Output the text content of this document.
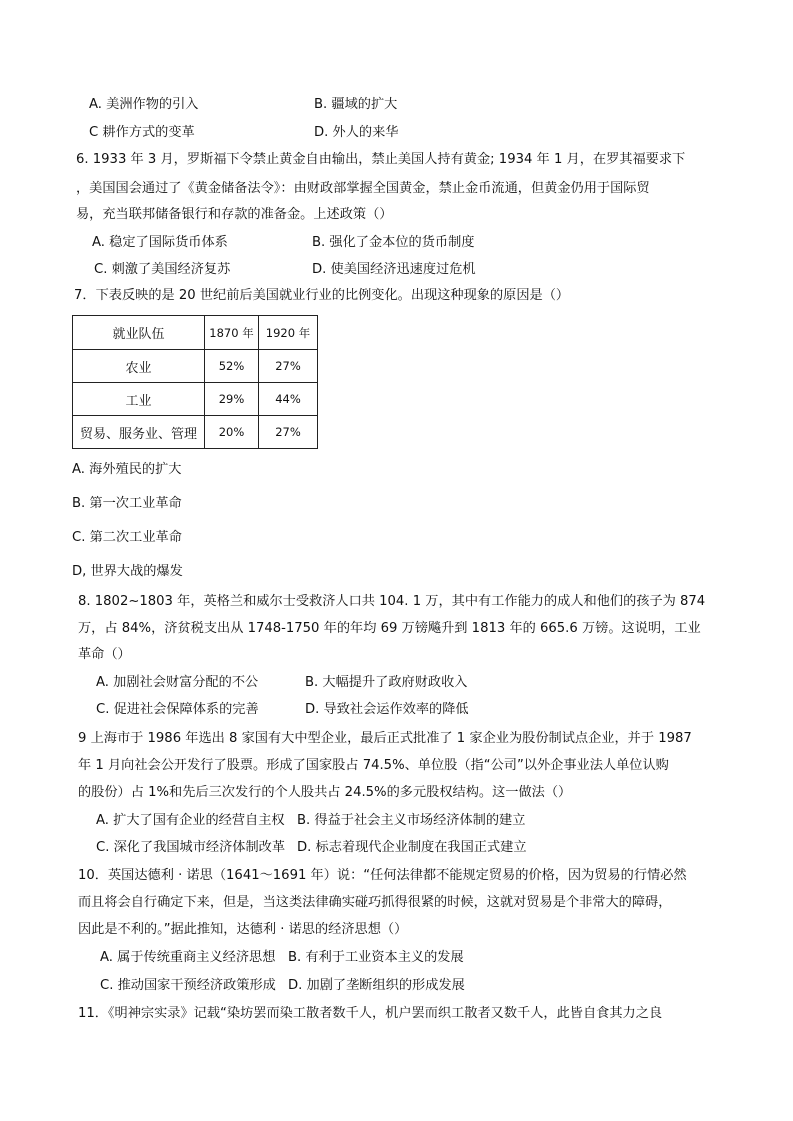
A. 美洲作物的引入	B. 疆域的扩大
C 耕作方式的变革	D. 外人的来华
6. 1933 年 3 月，罗斯福下令禁止黄金自由输出，禁止美国人持有黄金; 1934 年 1 月，在罗其福要求下
，美国国会通过了《黄金储备法令》：由财政部掌握全国黄金，禁止金币流通，但黄金仍用于国际贸
易，充当联邦储备银行和存款的准备金。上述政策（）
A. 稳定了国际货币体系	B. 强化了金本位的货币制度
C. 刺激了美国经济复苏	D. 使美国经济迅速度过危机
7．下表反映的是 20 世纪前后美国就业行业的比例变化。出现这种现象的原因是（）
就业队伍	1870 年	1920 年
农业	52%	27%
工业	29%	44%
贸易、服务业、管理	20%	27%
A. 海外殖民的扩大
B. 第一次工业革命
C. 第二次工业革命
D, 世界大战的爆发
8. 1802~1803 年，英格兰和威尔士受救济人口共 104. 1 万，其中有工作能力的成人和他们的孩子为 874
万，占 84%，济贫税支出从 1748-1750 年的年均 69 万镑飚升到 1813 年的 665.6 万镑。这说明，工业
革命（）
A. 加剧社会财富分配的不公	B. 大幅提升了政府财政收入
C. 促进社会保障体系的完善	D. 导致社会运作效率的降低
9 上海市于 1986 年选出 8 家国有大中型企业，最后正式批准了 1 家企业为股份制试点企业，并于 1987
年 1 月向社会公开发行了股票。形成了国家股占 74.5%、单位股（指“公司”以外企事业法人单位认购
的股份）占 1%和先后三次发行的个人股共占 24.5%的多元股权结构。这一做法（）
A. 扩大了国有企业的经营自主权 B. 得益于社会主义市场经济体制的建立
C. 深化了我国城市经济体制改革 D. 标志着现代企业制度在我国正式建立
10．英国达德利 · 诺思（1641～1691 年）说：“任何法律都不能规定贸易的价格，因为贸易的行情必然
而且将会自行确定下来，但是，当这类法律确实碰巧抓得很紧的时候，这就对贸易是个非常大的障碍，
因此是不利的。”据此推知，达德利 · 诺思的经济思想（）
A. 属于传统重商主义经济思想 B. 有利于工业资本主义的发展
C. 推动国家干预经济政策形成 D. 加剧了垄断组织的形成发展
11．《明神宗实录》记载“染坊罢而染工散者数千人，机户罢而织工散者又数千人，此皆自食其力之良
